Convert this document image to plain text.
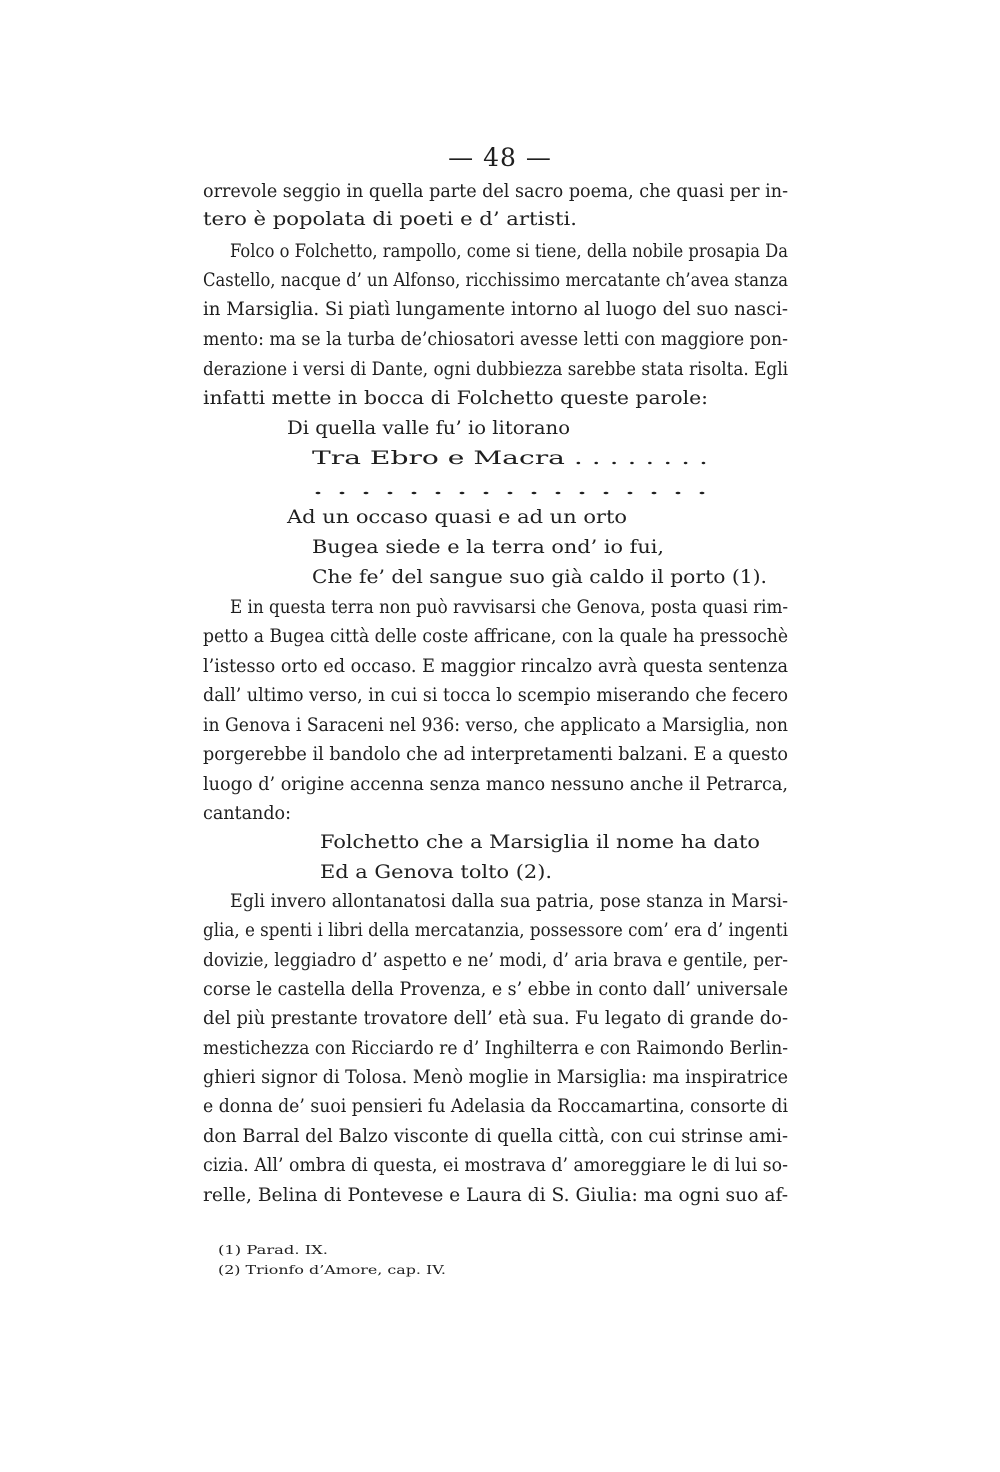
— 48 —
orrevole seggio in quella parte del sacro poema, che quasi per in-
tero è popolata di poeti e d’ artisti.
Folco o Folchetto, rampollo, come si tiene, della nobile prosapia Da
Castello, nacque d’ un Alfonso, ricchissimo mercatante ch’avea stanza
in Marsiglia. Si piatì lungamente intorno al luogo del suo nasci-
mento: ma se la turba de’chiosatori avesse letti con maggiore pon-
derazione i versi di Dante, ogni dubbiezza sarebbe stata risolta. Egli
infatti mette in bocca di Folchetto queste parole:
Di quella valle fu’ io litorano
Tra Ebro e Macra . . . . . . . .
. . . . . . . . . . . . . . . . .
Ad un occaso quasi e ad un orto
Bugea siede e la terra ond’ io fui,
Che fe’ del sangue suo già caldo il porto (1).
E in questa terra non può ravvisarsi che Genova, posta quasi rim-
petto a Bugea città delle coste affricane, con la quale ha pressochè
l’istesso orto ed occaso. E maggior rincalzo avrà questa sentenza
dall’ ultimo verso, in cui si tocca lo scempio miserando che fecero
in Genova i Saraceni nel 936: verso, che applicato a Marsiglia, non
porgerebbe il bandolo che ad interpretamenti balzani. E a questo
luogo d’ origine accenna senza manco nessuno anche il Petrarca,
cantando:
Folchetto che a Marsiglia il nome ha dato
Ed a Genova tolto (2).
Egli invero allontanatosi dalla sua patria, pose stanza in Marsi-
glia, e spenti i libri della mercatanzia, possessore com’ era d’ ingenti
dovizie, leggiadro d’ aspetto e ne’ modi, d’ aria brava e gentile, per-
corse le castella della Provenza, e s’ ebbe in conto dall’ universale
del più prestante trovatore dell’ età sua. Fu legato di grande do-
mestichezza con Ricciardo re d’ Inghilterra e con Raimondo Berlin-
ghieri signor di Tolosa. Menò moglie in Marsiglia: ma inspiratrice
e donna de’ suoi pensieri fu Adelasia da Roccamartina, consorte di
don Barral del Balzo visconte di quella città, con cui strinse ami-
cizia. All’ ombra di questa, ei mostrava d’ amoreggiare le di lui so-
relle, Belina di Pontevese e Laura di S. Giulia: ma ogni suo af-
(1) Parad. IX.
(2) Trionfo d’Amore, cap. IV.
